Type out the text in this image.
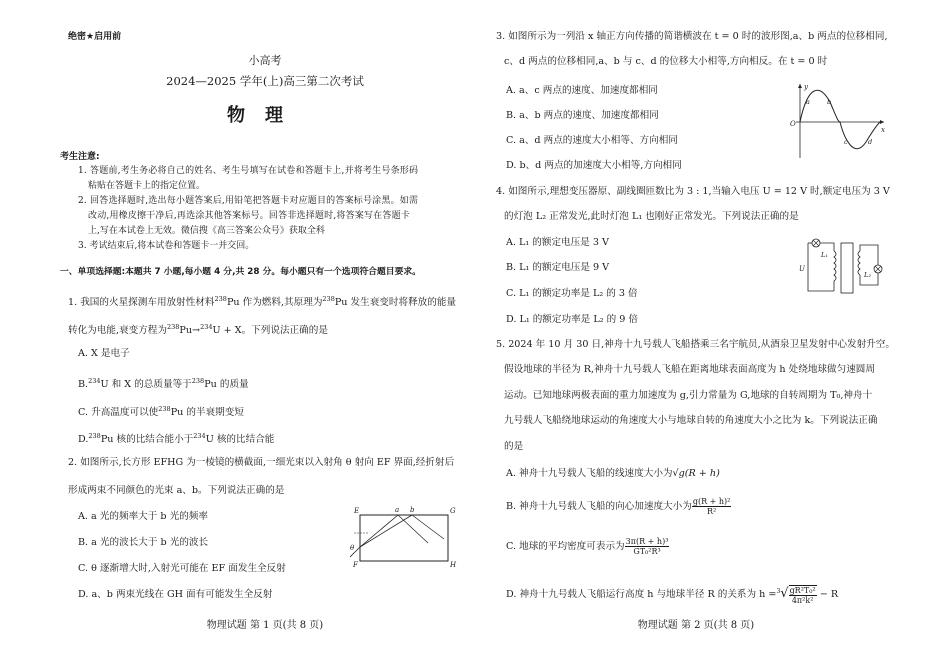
绝密★启用前
小高考
2024—2025 学年(上)高三第二次考试
物理
考生注意:
1. 答题前,考生务必将自己的姓名、考生号填写在试卷和答题卡上,并将考生号条形码
粘贴在答题卡上的指定位置。
2. 回答选择题时,选出每小题答案后,用铅笔把答题卡对应题目的答案标号涂黑。如需
改动,用橡皮擦干净后,再选涂其他答案标号。回答非选择题时,将答案写在答题卡
上,写在本试卷上无效。微信搜《高三答案公众号》获取全科
3. 考试结束后,将本试卷和答题卡一并交回。
一、单项选择题:本题共 7 小题,每小题 4 分,共 28 分。每小题只有一个选项符合题目要求。
1. 我国的火星探测车用放射性材料$^{238}$Pu 作为燃料,其原理为$^{238}$Pu 发生衰变时将释放的能量
转化为电能,衰变方程为$^{238}$Pu→$^{234}$U + X。下列说法正确的是
A. X 是电子
B.$^{234}$U 和 X 的总质量等于$^{238}$Pu 的质量
C. 升高温度可以使$^{238}$Pu 的半衰期变短
D.$^{238}$Pu 核的比结合能小于$^{234}$U 核的比结合能
2. 如图所示,长方形 EFHG 为一棱镜的横截面,一细光束以入射角 θ 射向 EF 界面,经折射后
形成两束不同颜色的光束 a、b。下列说法正确的是
A. a 光的频率大于 b 光的频率
B. a 光的波长大于 b 光的波长
C. θ 逐渐增大时,入射光可能在 EF 面发生全反射
D. a、b 两束光线在 GH 面有可能发生全反射
E
F
G
H
a b
θ
物理试题 第 1 页(共 8 页)
3. 如图所示为一列沿 x 轴正方向传播的简谐横波在 t = 0 时的波形图,a、b 两点的位移相同,
c、d 两点的位移相同,a、b 与 c、d 的位移大小相等,方向相反。在 t = 0 时
A. a、c 两点的速度、加速度都相同
B. a、b 两点的速度、加速度都相同
C. a、d 两点的速度大小相等、方向相同
D. b、d 两点的加速度大小相等,方向相同
y
O
x
a	b
c	d
4. 如图所示,理想变压器原、副线圈匝数比为 3 : 1,当输入电压 U = 12 V 时,额定电压为 3 V
的灯泡 L₂ 正常发光,此时灯泡 L₁ 也刚好正常发光。下列说法正确的是
A. L₁ 的额定电压是 3 V
B. L₁ 的额定电压是 9 V
C. L₁ 的额定功率是 L₂ 的 3 倍
D. L₁ 的额定功率是 L₂ 的 9 倍
U
L₁
L₂
5. 2024 年 10 月 30 日,神舟十九号载人飞船搭乘三名宇航员,从酒泉卫星发射中心发射升空。
假设地球的半径为 R,神舟十九号载人飞船在距离地球表面高度为 h 处绕地球做匀速圆周
运动。已知地球两极表面的重力加速度为 g,引力常量为 G,地球的自转周期为 T₀,神舟十
九号载人飞船绕地球运动的角速度大小与地球自转的角速度大小之比为 k。下列说法正确
的是
A. 神舟十九号载人飞船的线速度大小为√g(R + h)
B. 神舟十九号载人飞船的向心加速度大小为 $\frac{\text{g(R + h)²}}{\text{R²}}$
C. 地球的平均密度可表示为 $\frac{\text{3π(R + h)³}}{\text{GT₀²R³}}$
D. 神舟十九号载人飞船运行高度 h 与地球半径 R 的关系为 $h =^3√ \frac{\text{gR²T₀²}}{\text{4π²k²}} - R$
物理试题 第 2 页(共 8 页)
